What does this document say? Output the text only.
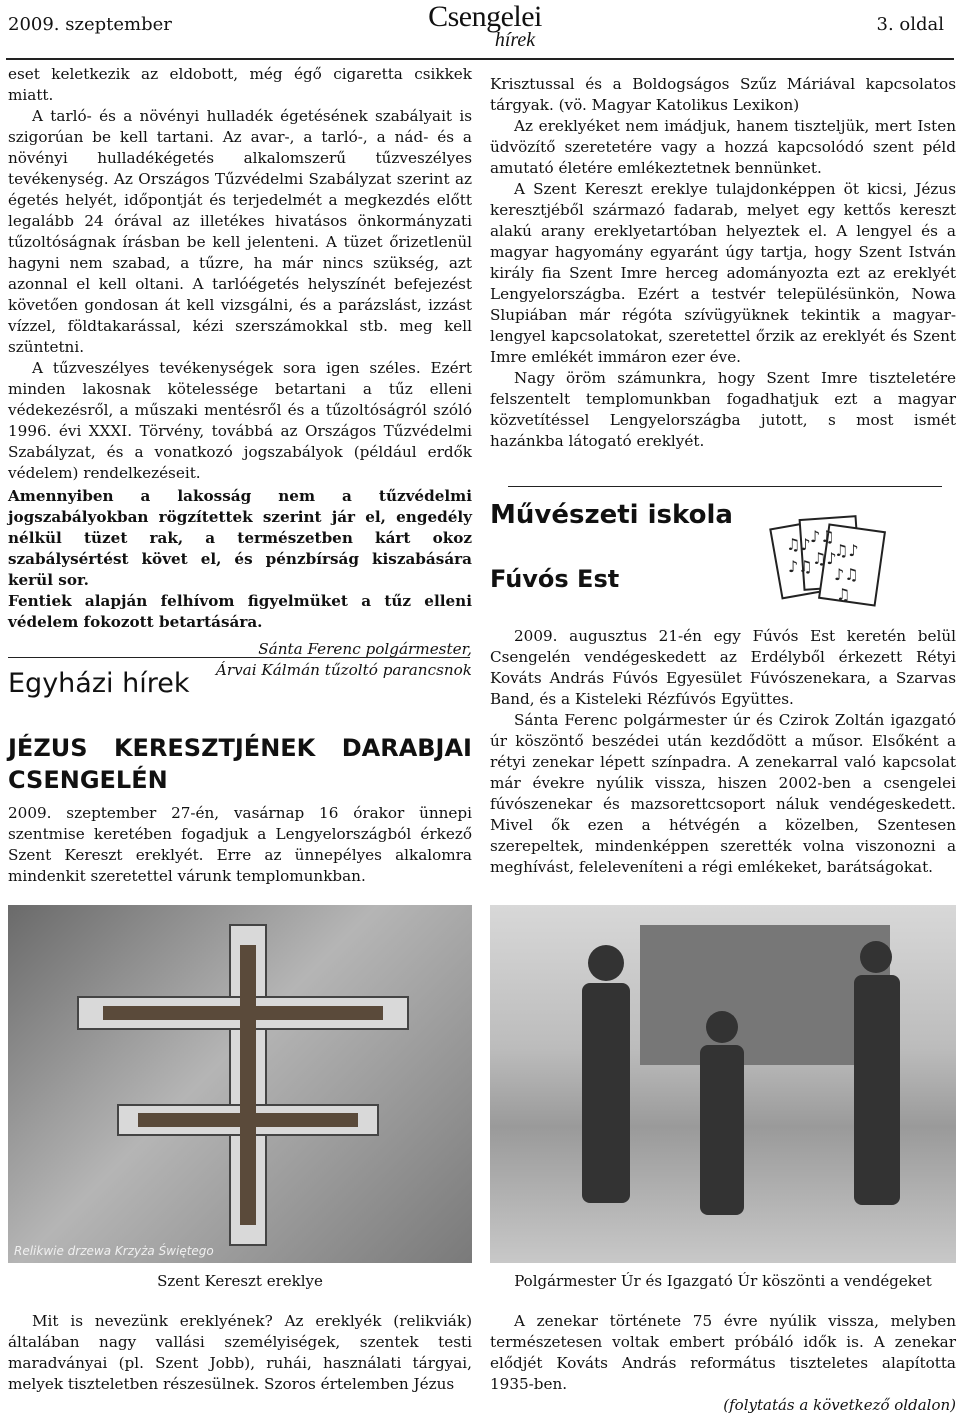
2009. szeptember	Csengelei
hírek
3. oldal

eset keletkezik az eldobott, még égő cigaretta csikkek miatt.

A tarló- és a növényi hulladék égetésének szabályait is szigorúan be kell tartani. Az avar-, a tarló-, a nád- és a növényi hulladékégetés alkalomszerű tűzveszélyes tevékenység. Az Országos Tűzvédelmi Szabályzat szerint az égetés helyét, időpontját és terjedelmét a megkezdés előtt legalább 24 órával az illetékes hivatásos önkormányzati tűzoltóságnak írásban be kell jelenteni. A tüzet őrizetlenül hagyni nem szabad, a tűzre, ha már nincs szükség, azt azonnal el kell oltani. A tarlóégetés helyszínét befejezést követően gondosan át kell vizsgálni, és a parázslást, izzást vízzel, földtakarással, kézi szerszámokkal stb. meg kell szüntetni.

A tűzveszélyes tevékenységek sora igen széles. Ezért minden lakosnak kötelessége betartani a tűz elleni védekezésről, a műszaki mentésről és a tűzoltóságról szóló 1996. évi XXXI. Törvény, továbbá az Országos Tűzvédelmi Szabályzat, és a vonatkozó jogszabályok (például erdők védelem) rendelkezéseit.

Amennyiben a lakosság nem a tűzvédelmi jogszabályokban rögzítettek szerint jár el, engedély nélkül tüzet rak, a természetben kárt okoz szabálysértést követ el, és pénzbírság kiszabására kerül sor.

Fentiek alapján felhívom figyelmüket a tűz elleni védelem fokozott betartására.

Sánta Ferenc polgármester,
Árvai Kálmán tűzoltó parancsnok
Egyházi hírek
JÉZUS KERESZTJÉNEK DARABJAI CSENGELÉN

2009. szeptember 27-én, vasárnap 16 órakor ünnepi szentmise keretében fogadjuk a Lengyelországból érkező Szent Kereszt ereklyét. Erre az ünnepélyes alkalomra mindenkit szeretettel várunk templomunkban.

Krisztussal és a Boldogságos Szűz Máriával kapcsolatos tárgyak. (vö. Magyar Katolikus Lexikon)

Az ereklyéket nem imádjuk, hanem tiszteljük, mert Isten üdvözítő szeretetére vagy a hozzá kapcsolódó szent péld amutató életére emlékeztetnek bennünket.

A Szent Kereszt ereklye tulajdonképpen öt kicsi, Jézus keresztjéből származó fadarab, melyet egy kettős kereszt alakú arany ereklyetartóban helyeztek el. A lengyel és a magyar hagyomány egyaránt úgy tartja, hogy Szent István király fia Szent Imre herceg adományozta ezt az ereklyét Lengyelországba. Ezért a testvér településünkön, Nowa Slupiában már régóta szívügyüknek tekintik a magyar-lengyel kapcsolatokat, szeretettel őrzik az ereklyét és Szent Imre emlékét immáron ezer éve.

Nagy öröm számunkra, hogy Szent Imre tiszteletére felszentelt templomunkban fogadhatjuk ezt a magyar közvetítéssel Lengyelországba jutott, s most ismét hazánkba látogató ereklyét.

Művészeti iskola
Fúvós Est
♫♪
♪♫
♪♫
♫♪
♫♪
♪♫
♫

2009. augusztus 21-én egy Fúvós Est keretén belül Csengelén vendégeskedett az Erdélyből érkezett Rétyi Kováts András Fúvós Egyesület Fúvószenekara, a Szarvas Band, és a Kisteleki Rézfúvós Együttes.

Sánta Ferenc polgármester úr és Czirok Zoltán igazgató úr köszöntő beszédei után kezdődött a műsor. Elsőként a rétyi zenekar lépett színpadra. A zenekarral való kapcsolat már évekre nyúlik vissza, hiszen 2002-ben a csengelei fúvószenekar és mazsorettcsoport náluk vendégeskedett. Mivel ők ezen a hétvégén a közelben, Szentesen szerepeltek, mindenképpen szerették volna viszonozni a meghívást, feleleveníteni a régi emlékeket, barátságokat.

Relikwie drzewa Krzyża Świętego
Szent Kereszt ereklye	Polgármester Úr és Igazgató Úr köszönti a vendégeket

Mit is nevezünk ereklyének? Az ereklyék (relikviák) általában nagy vallási személyiségek, szentek testi maradványai (pl. Szent Jobb), ruhái, használati tárgyai, melyek tiszteletben részesülnek. Szoros értelemben Jézus

A zenekar története 75 évre nyúlik vissza, melyben természetesen voltak embert próbáló idők is. A zenekar elődjét Kováts András református tiszteletes alapította 1935-ben.

(folytatás a következő oldalon)
